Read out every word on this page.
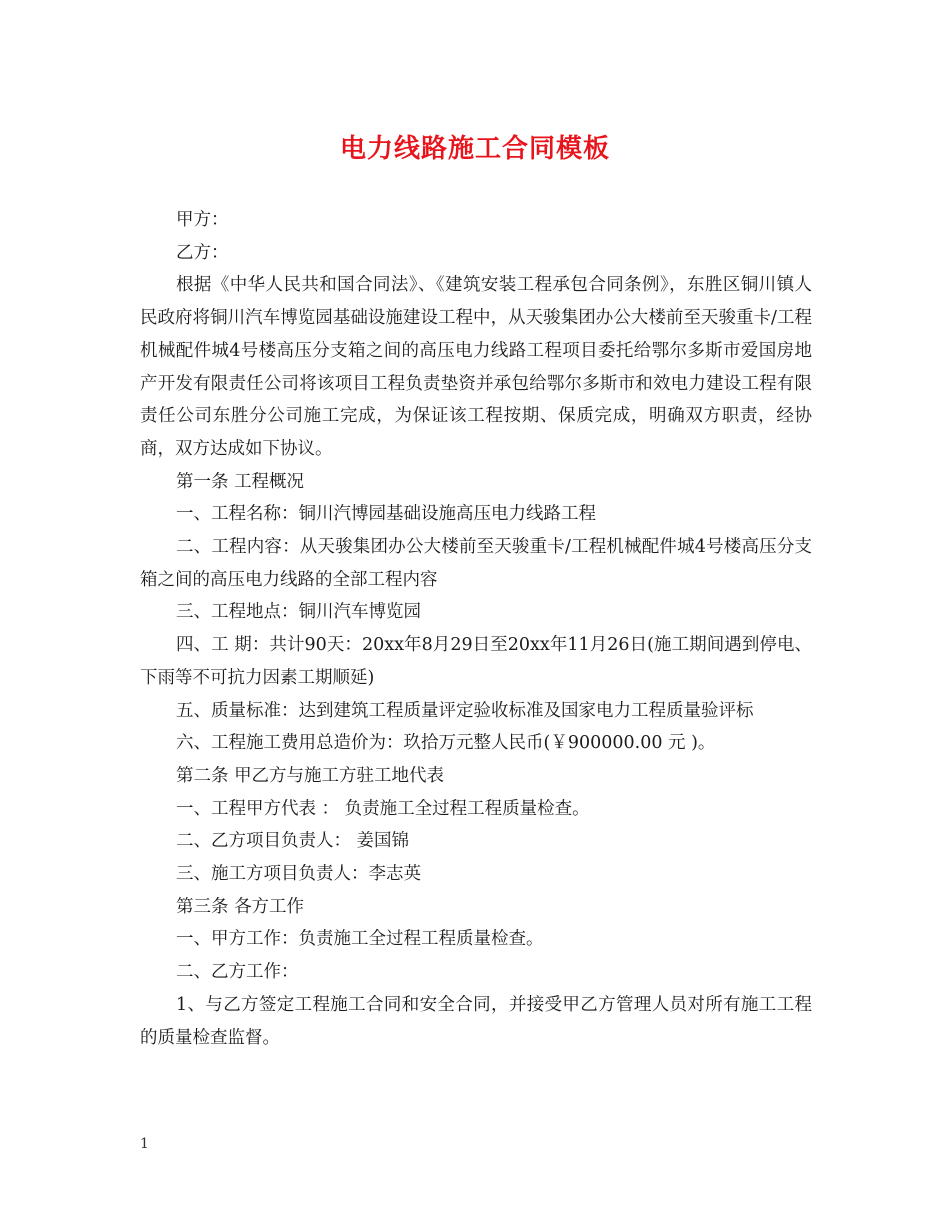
电力线路施工合同模板

甲方：

乙方：

根据《中华人民共和国合同法》、《建筑安装工程承包合同条例》，东胜区铜川镇人民政府将铜川汽车博览园基础设施建设工程中，从天骏集团办公大楼前至天骏重卡/工程机械配件城4号楼高压分支箱之间的高压电力线路工程项目委托给鄂尔多斯市爱国房地产开发有限责任公司将该项目工程负责垫资并承包给鄂尔多斯市和效电力建设工程有限责任公司东胜分公司施工完成，为保证该工程按期、保质完成，明确双方职责，经协商，双方达成如下协议。

第一条 工程概况

一、工程名称：铜川汽博园基础设施高压电力线路工程

二、工程内容：从天骏集团办公大楼前至天骏重卡/工程机械配件城4号楼高压分支箱之间的高压电力线路的全部工程内容

三、工程地点：铜川汽车博览园

四、工 期：共计90天：20xx年8月29日至20xx年11月26日(施工期间遇到停电、下雨等不可抗力因素工期顺延)

五、质量标准：达到建筑工程质量评定验收标准及国家电力工程质量验评标

六、工程施工费用总造价为：玖拾万元整人民币(￥900000.00 元 )。

第二条 甲乙方与施工方驻工地代表

一、工程甲方代表 ： 负责施工全过程工程质量检查。

二、乙方项目负责人： 姜国锦

三、施工方项目负责人：李志英

第三条 各方工作

一、甲方工作：负责施工全过程工程质量检查。

二、乙方工作：

1、与乙方签定工程施工合同和安全合同，并接受甲乙方管理人员对所有施工工程的质量检查监督。

1
